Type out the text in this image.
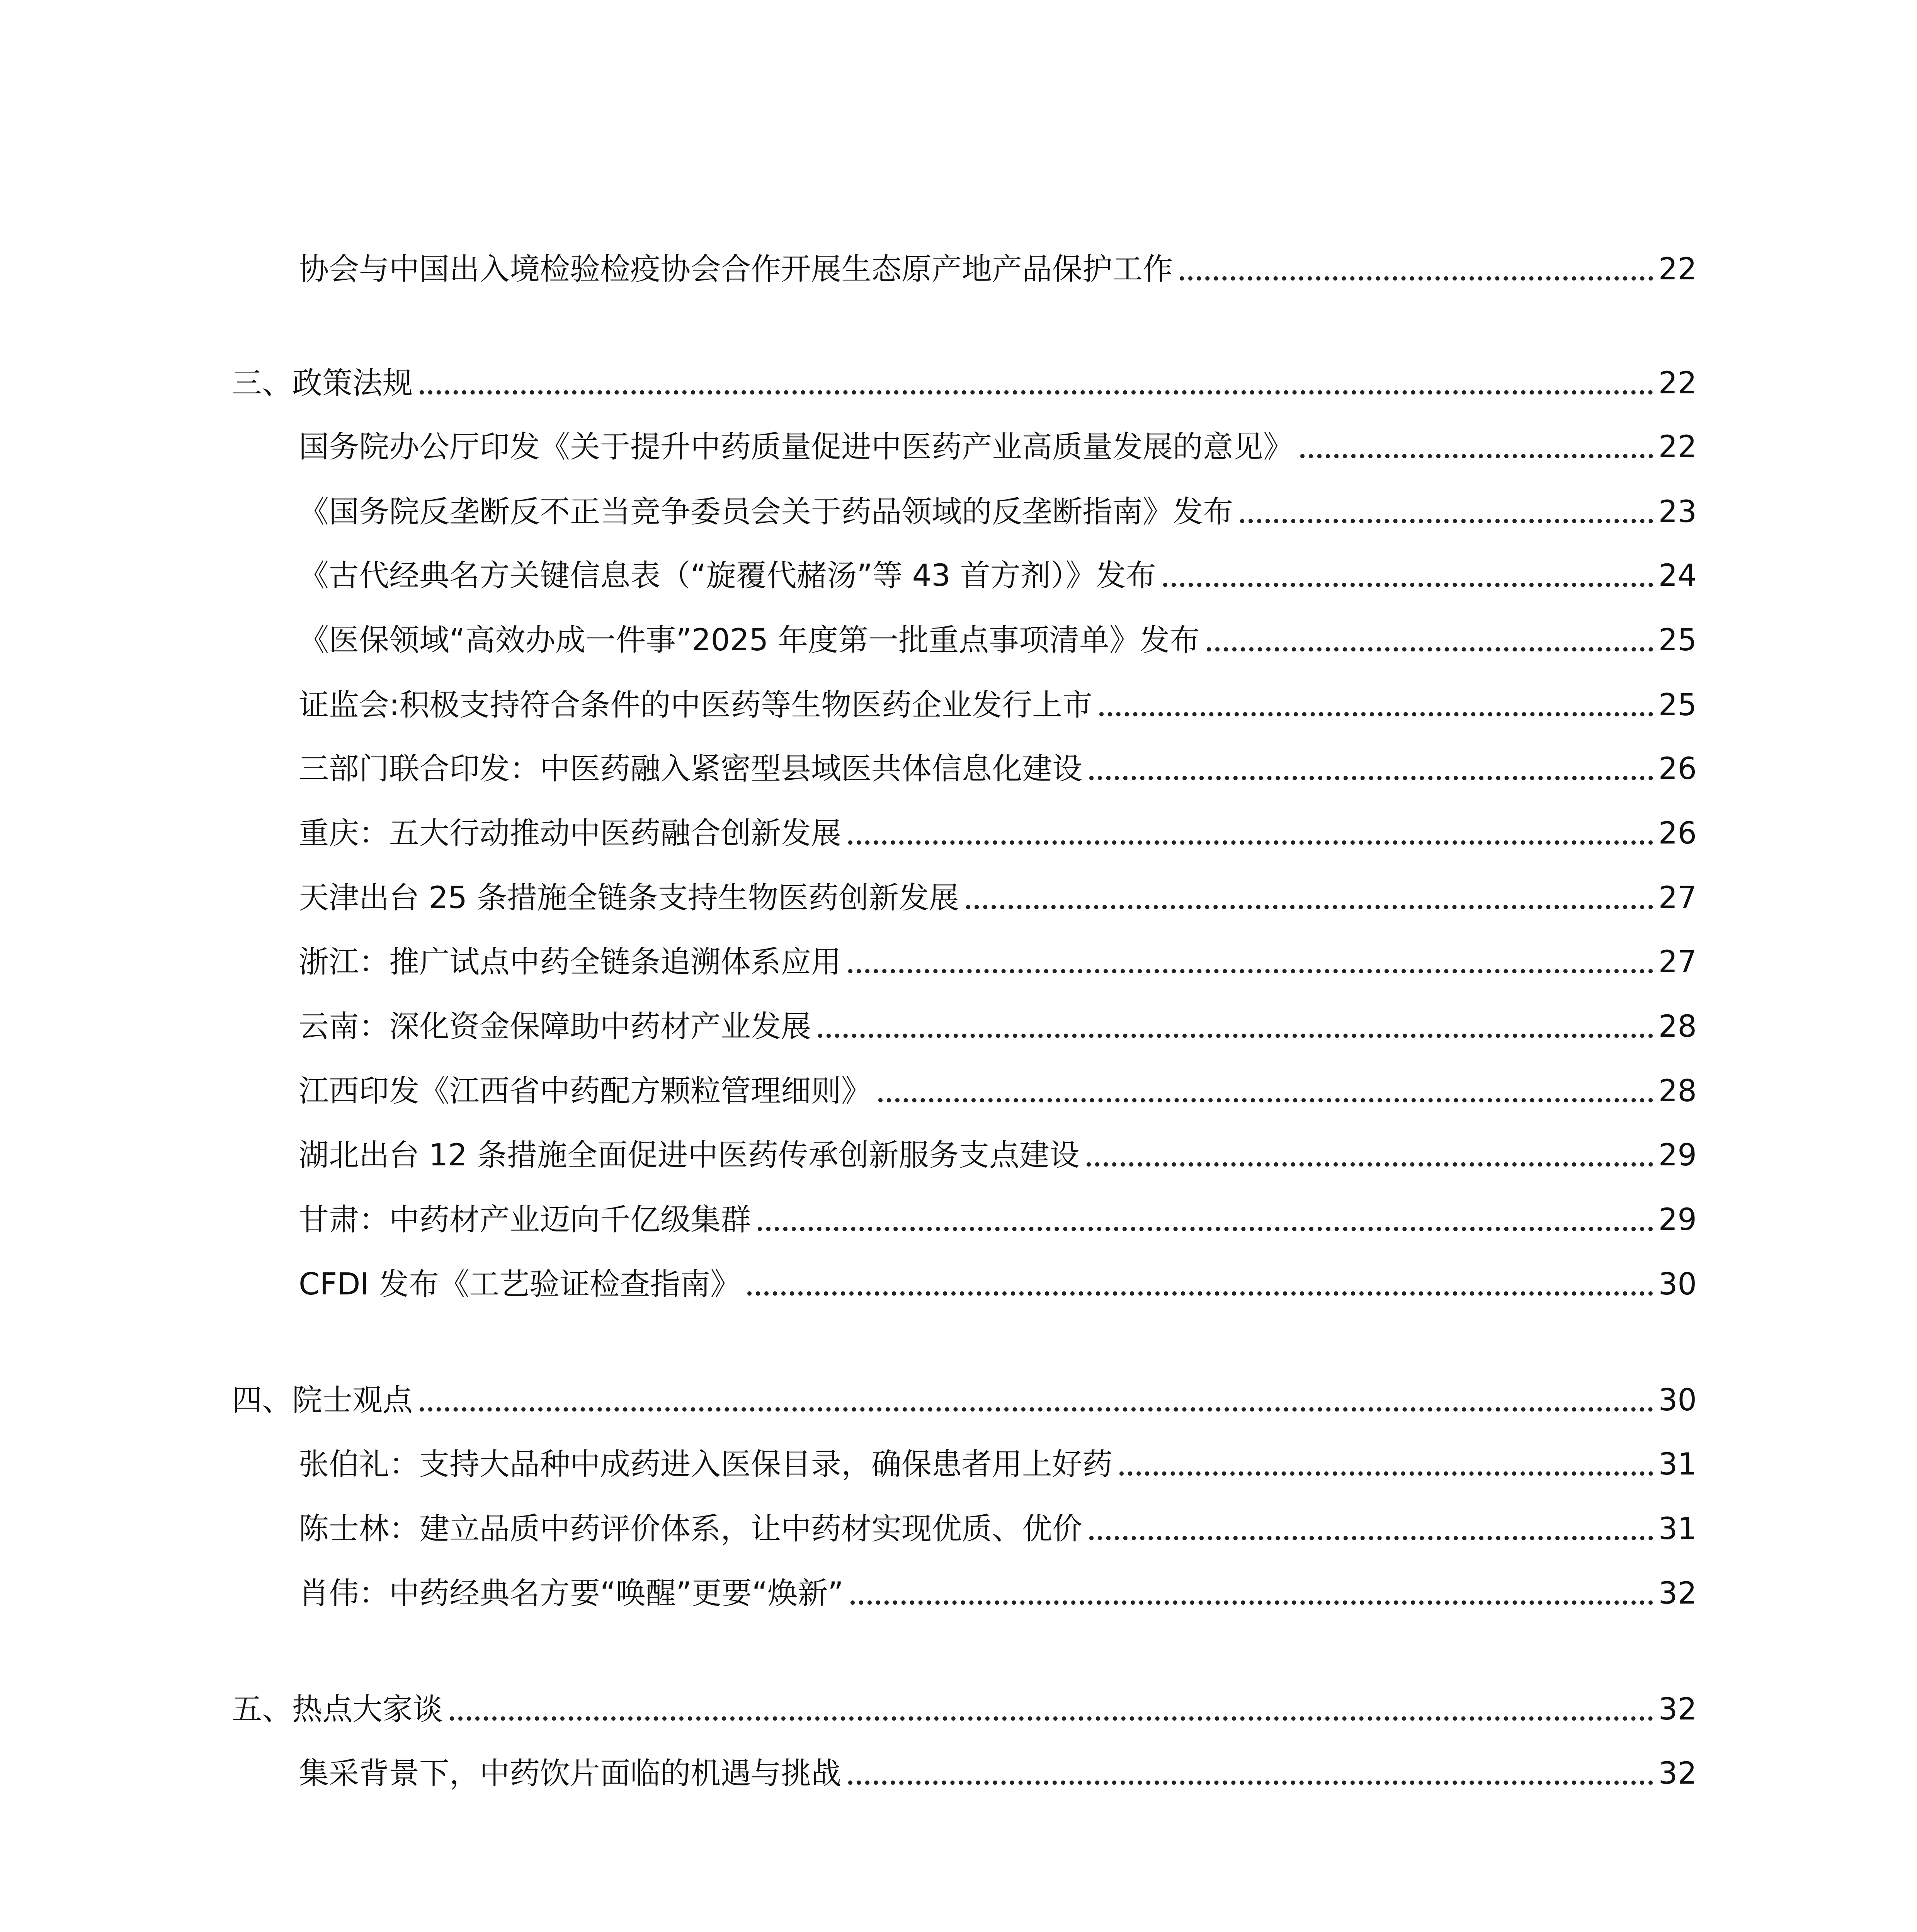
协会与中国出入境检验检疫协会合作开展生态原产地产品保护工作	22
三、政策法规	22
国务院办公厅印发《关于提升中药质量促进中医药产业高质量发展的意见》	22
《国务院反垄断反不正当竞争委员会关于药品领域的反垄断指南》发布	23
《古代经典名方关键信息表（“旋覆代赭汤”等 43 首方剂）》发布	24
《医保领域“高效办成一件事”2025 年度第一批重点事项清单》发布	25
证监会:积极支持符合条件的中医药等生物医药企业发行上市	25
三部门联合印发：中医药融入紧密型县域医共体信息化建设	26
重庆：五大行动推动中医药融合创新发展	26
天津出台 25 条措施全链条支持生物医药创新发展	27
浙江：推广试点中药全链条追溯体系应用	27
云南：深化资金保障助中药材产业发展	28
江西印发《江西省中药配方颗粒管理细则》	28
湖北出台 12 条措施全面促进中医药传承创新服务支点建设	29
甘肃：中药材产业迈向千亿级集群	29
CFDI 发布《工艺验证检查指南》	30
四、院士观点	30
张伯礼：支持大品种中成药进入医保目录，确保患者用上好药	31
陈士林：建立品质中药评价体系，让中药材实现优质、优价	31
肖伟：中药经典名方要“唤醒”更要“焕新”	32
五、热点大家谈	32
集采背景下，中药饮片面临的机遇与挑战	32
